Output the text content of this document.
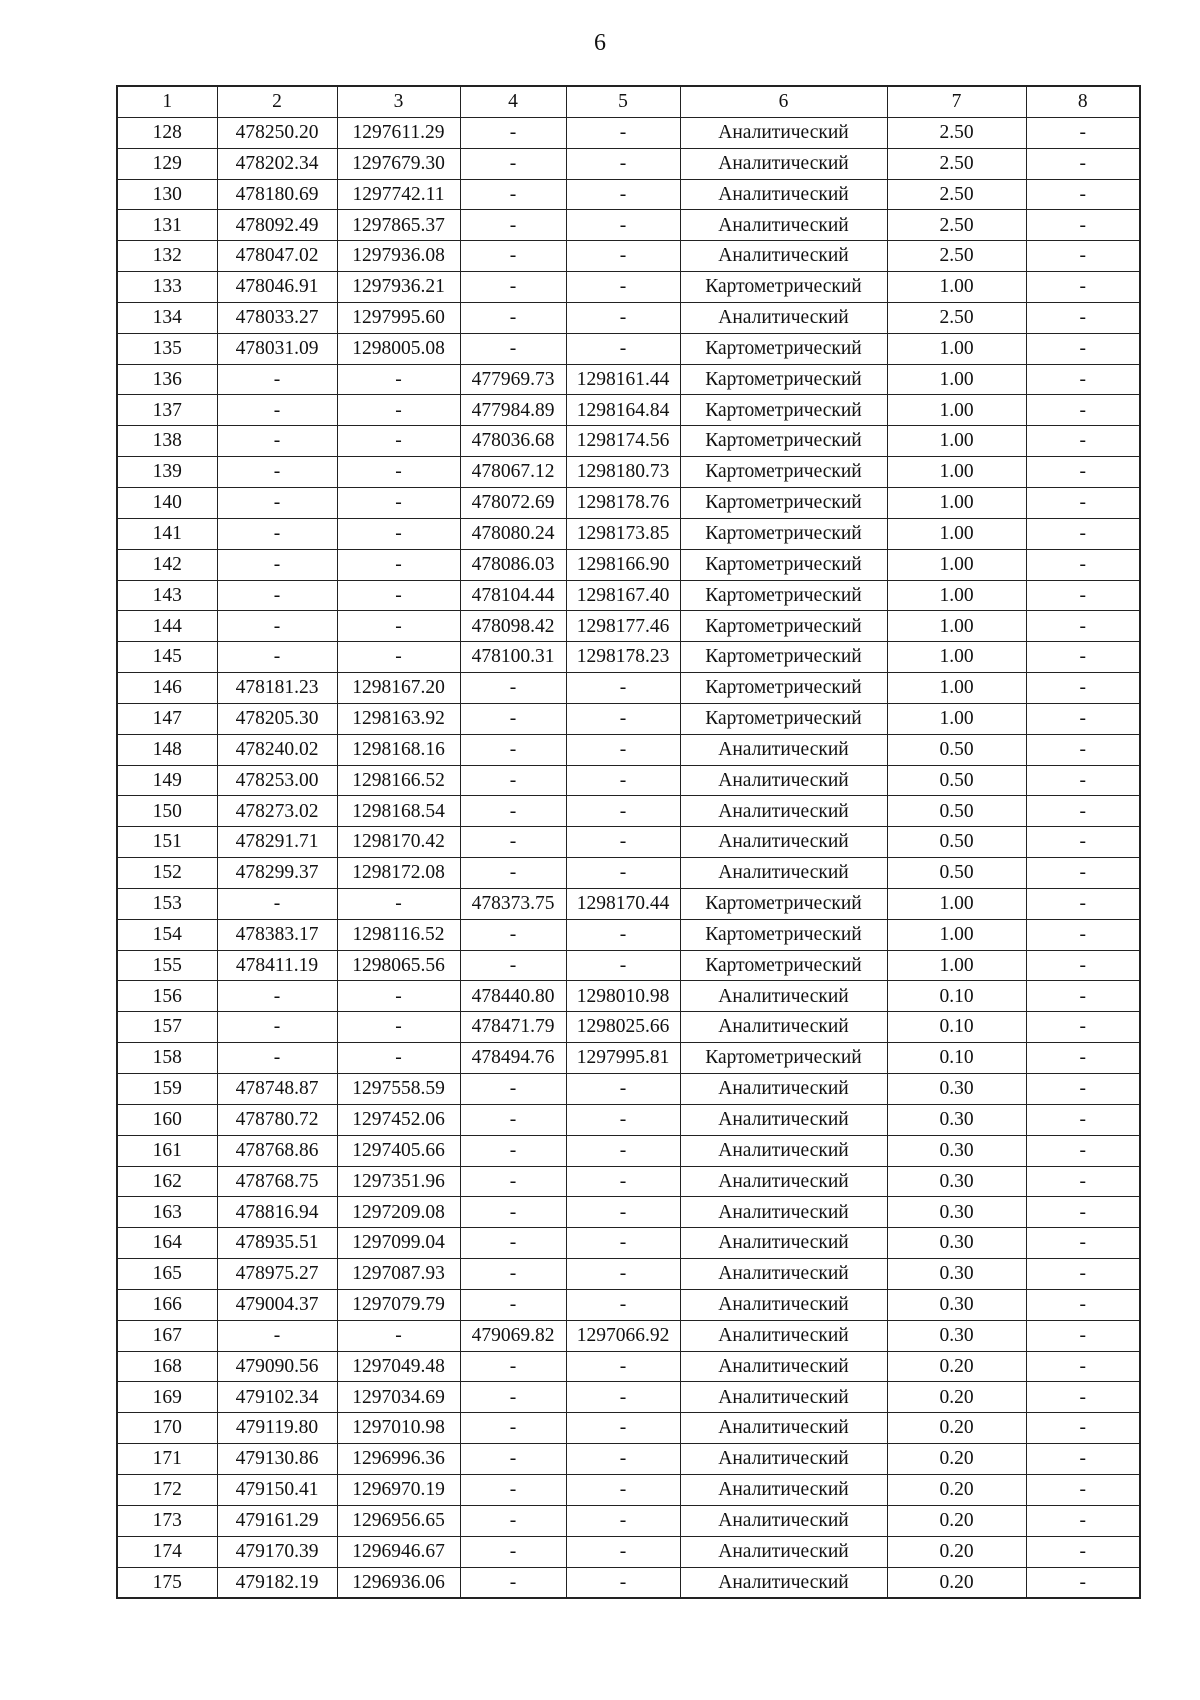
6
1	2	3	4	5	6	7	8
128	478250.20	1297611.29	-	-	Аналитический	2.50	-
129	478202.34	1297679.30	-	-	Аналитический	2.50	-
130	478180.69	1297742.11	-	-	Аналитический	2.50	-
131	478092.49	1297865.37	-	-	Аналитический	2.50	-
132	478047.02	1297936.08	-	-	Аналитический	2.50	-
133	478046.91	1297936.21	-	-	Картометрический	1.00	-
134	478033.27	1297995.60	-	-	Аналитический	2.50	-
135	478031.09	1298005.08	-	-	Картометрический	1.00	-
136	-	-	477969.73	1298161.44	Картометрический	1.00	-
137	-	-	477984.89	1298164.84	Картометрический	1.00	-
138	-	-	478036.68	1298174.56	Картометрический	1.00	-
139	-	-	478067.12	1298180.73	Картометрический	1.00	-
140	-	-	478072.69	1298178.76	Картометрический	1.00	-
141	-	-	478080.24	1298173.85	Картометрический	1.00	-
142	-	-	478086.03	1298166.90	Картометрический	1.00	-
143	-	-	478104.44	1298167.40	Картометрический	1.00	-
144	-	-	478098.42	1298177.46	Картометрический	1.00	-
145	-	-	478100.31	1298178.23	Картометрический	1.00	-
146	478181.23	1298167.20	-	-	Картометрический	1.00	-
147	478205.30	1298163.92	-	-	Картометрический	1.00	-
148	478240.02	1298168.16	-	-	Аналитический	0.50	-
149	478253.00	1298166.52	-	-	Аналитический	0.50	-
150	478273.02	1298168.54	-	-	Аналитический	0.50	-
151	478291.71	1298170.42	-	-	Аналитический	0.50	-
152	478299.37	1298172.08	-	-	Аналитический	0.50	-
153	-	-	478373.75	1298170.44	Картометрический	1.00	-
154	478383.17	1298116.52	-	-	Картометрический	1.00	-
155	478411.19	1298065.56	-	-	Картометрический	1.00	-
156	-	-	478440.80	1298010.98	Аналитический	0.10	-
157	-	-	478471.79	1298025.66	Аналитический	0.10	-
158	-	-	478494.76	1297995.81	Картометрический	0.10	-
159	478748.87	1297558.59	-	-	Аналитический	0.30	-
160	478780.72	1297452.06	-	-	Аналитический	0.30	-
161	478768.86	1297405.66	-	-	Аналитический	0.30	-
162	478768.75	1297351.96	-	-	Аналитический	0.30	-
163	478816.94	1297209.08	-	-	Аналитический	0.30	-
164	478935.51	1297099.04	-	-	Аналитический	0.30	-
165	478975.27	1297087.93	-	-	Аналитический	0.30	-
166	479004.37	1297079.79	-	-	Аналитический	0.30	-
167	-	-	479069.82	1297066.92	Аналитический	0.30	-
168	479090.56	1297049.48	-	-	Аналитический	0.20	-
169	479102.34	1297034.69	-	-	Аналитический	0.20	-
170	479119.80	1297010.98	-	-	Аналитический	0.20	-
171	479130.86	1296996.36	-	-	Аналитический	0.20	-
172	479150.41	1296970.19	-	-	Аналитический	0.20	-
173	479161.29	1296956.65	-	-	Аналитический	0.20	-
174	479170.39	1296946.67	-	-	Аналитический	0.20	-
175	479182.19	1296936.06	-	-	Аналитический	0.20	-
